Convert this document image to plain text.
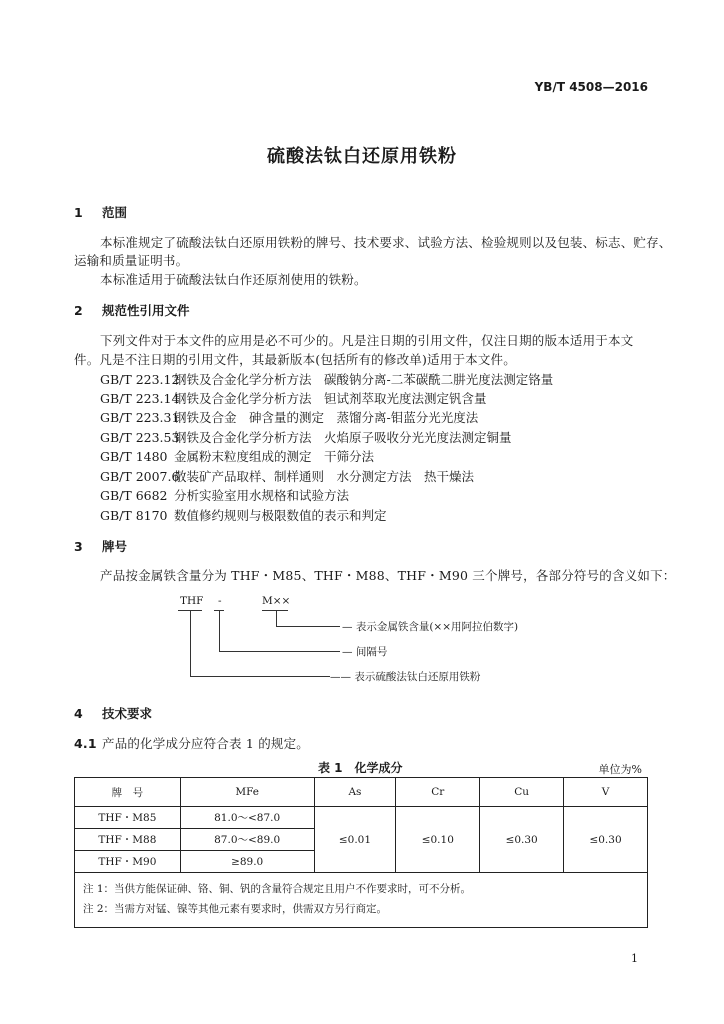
YB/T 4508—2016
硫酸法钛白还原用铁粉
1 范围
本标准规定了硫酸法钛白还原用铁粉的牌号、技术要求、试验方法、检验规则以及包装、标志、贮存、
运输和质量证明书。
本标准适用于硫酸法钛白作还原剂使用的铁粉。
2 规范性引用文件
下列文件对于本文件的应用是必不可少的。凡是注日期的引用文件，仅注日期的版本适用于本文
件。凡是不注日期的引用文件，其最新版本(包括所有的修改单)适用于本文件。
GB/T 223.12钢铁及合金化学分析方法　碳酸钠分离-二苯碳酰二肼光度法测定铬量
GB/T 223.14钢铁及合金化学分析方法　钽试剂萃取光度法测定钒含量
GB/T 223.31钢铁及合金　砷含量的测定　蒸馏分离-钼蓝分光光度法
GB/T 223.53钢铁及合金化学分析方法　火焰原子吸收分光光度法测定铜量
GB/T 1480 金属粉末粒度组成的测定　干筛分法
GB/T 2007.6散装矿产品取样、制样通则　水分测定方法　热干燥法
GB/T 6682 分析实验室用水规格和试验方法
GB/T 8170 数值修约规则与极限数值的表示和判定
3 牌号
产品按金属铁含量分为 THF・M85、THF・M88、THF・M90 三个牌号，各部分符号的含义如下：
THF -	M××
— 表示金属铁含量(××用阿拉伯数字)
— 间隔号
—— 表示硫酸法钛白还原用铁粉
4 技术要求
4.1 产品的化学成分应符合表 1 的规定。
表 1　化学成分	单位为%
牌　号	MFe	As	Cr	Cu	V
THF・M85	81.0～<87.0	≤0.01	≤0.10	≤0.30	≤0.30
THF・M88	87.0～<89.0				
THF・M90	≥89.0				

注 1：当供方能保证砷、铬、铜、钒的含量符合规定且用户不作要求时，可不分析。
注 2：当需方对锰、镍等其他元素有要求时，供需双方另行商定。					
1
